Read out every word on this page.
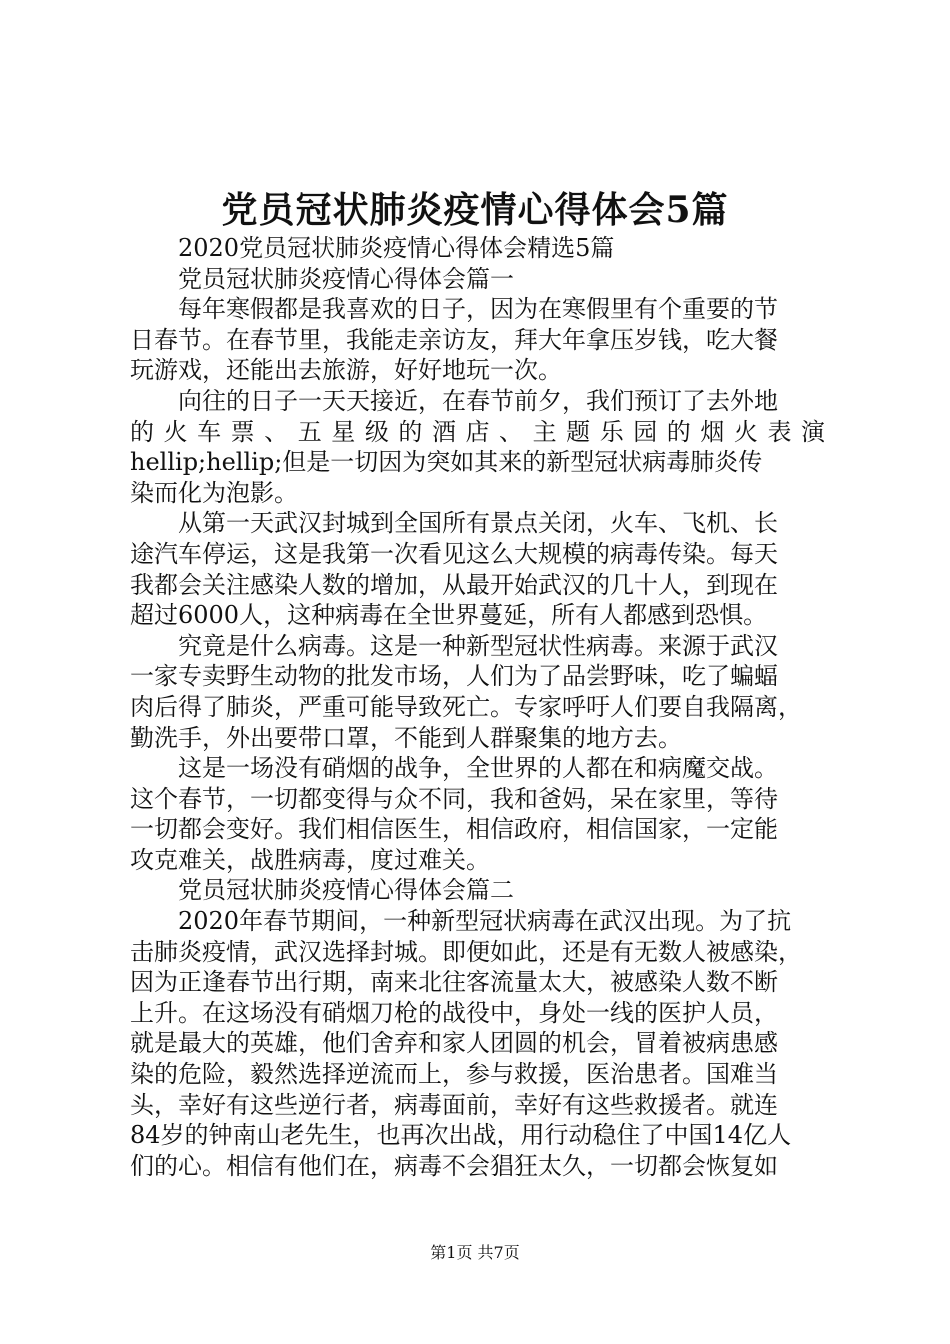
党员冠状肺炎疫情心得体会5篇
2020党员冠状肺炎疫情心得体会精选5篇
党员冠状肺炎疫情心得体会篇一
每年寒假都是我喜欢的日子，因为在寒假里有个重要的节
日春节。在春节里，我能走亲访友，拜大年拿压岁钱，吃大餐
玩游戏，还能出去旅游，好好地玩一次。
向往的日子一天天接近，在春节前夕，我们预订了去外地
的火车票、五星级的酒店、主题乐园的烟火表演
hellip;hellip;但是一切因为突如其来的新型冠状病毒肺炎传
染而化为泡影。
从第一天武汉封城到全国所有景点关闭，火车、飞机、长
途汽车停运，这是我第一次看见这么大规模的病毒传染。每天
我都会关注感染人数的增加，从最开始武汉的几十人，到现在
超过6000人，这种病毒在全世界蔓延，所有人都感到恐惧。
究竟是什么病毒。这是一种新型冠状性病毒。来源于武汉
一家专卖野生动物的批发市场，人们为了品尝野味，吃了蝙蝠
肉后得了肺炎，严重可能导致死亡。专家呼吁人们要自我隔离，
勤洗手，外出要带口罩，不能到人群聚集的地方去。
这是一场没有硝烟的战争，全世界的人都在和病魔交战。
这个春节，一切都变得与众不同，我和爸妈，呆在家里，等待
一切都会变好。我们相信医生，相信政府，相信国家，一定能
攻克难关，战胜病毒，度过难关。
党员冠状肺炎疫情心得体会篇二
2020年春节期间，一种新型冠状病毒在武汉出现。为了抗
击肺炎疫情，武汉选择封城。即便如此，还是有无数人被感染，
因为正逢春节出行期，南来北往客流量太大，被感染人数不断
上升。在这场没有硝烟刀枪的战役中，身处一线的医护人员，
就是最大的英雄，他们舍弃和家人团圆的机会，冒着被病患感
染的危险，毅然选择逆流而上，参与救援，医治患者。国难当
头，幸好有这些逆行者，病毒面前，幸好有这些救援者。就连
84岁的钟南山老先生，也再次出战，用行动稳住了中国14亿人
们的心。相信有他们在，病毒不会猖狂太久，一切都会恢复如
第1页 共7页
